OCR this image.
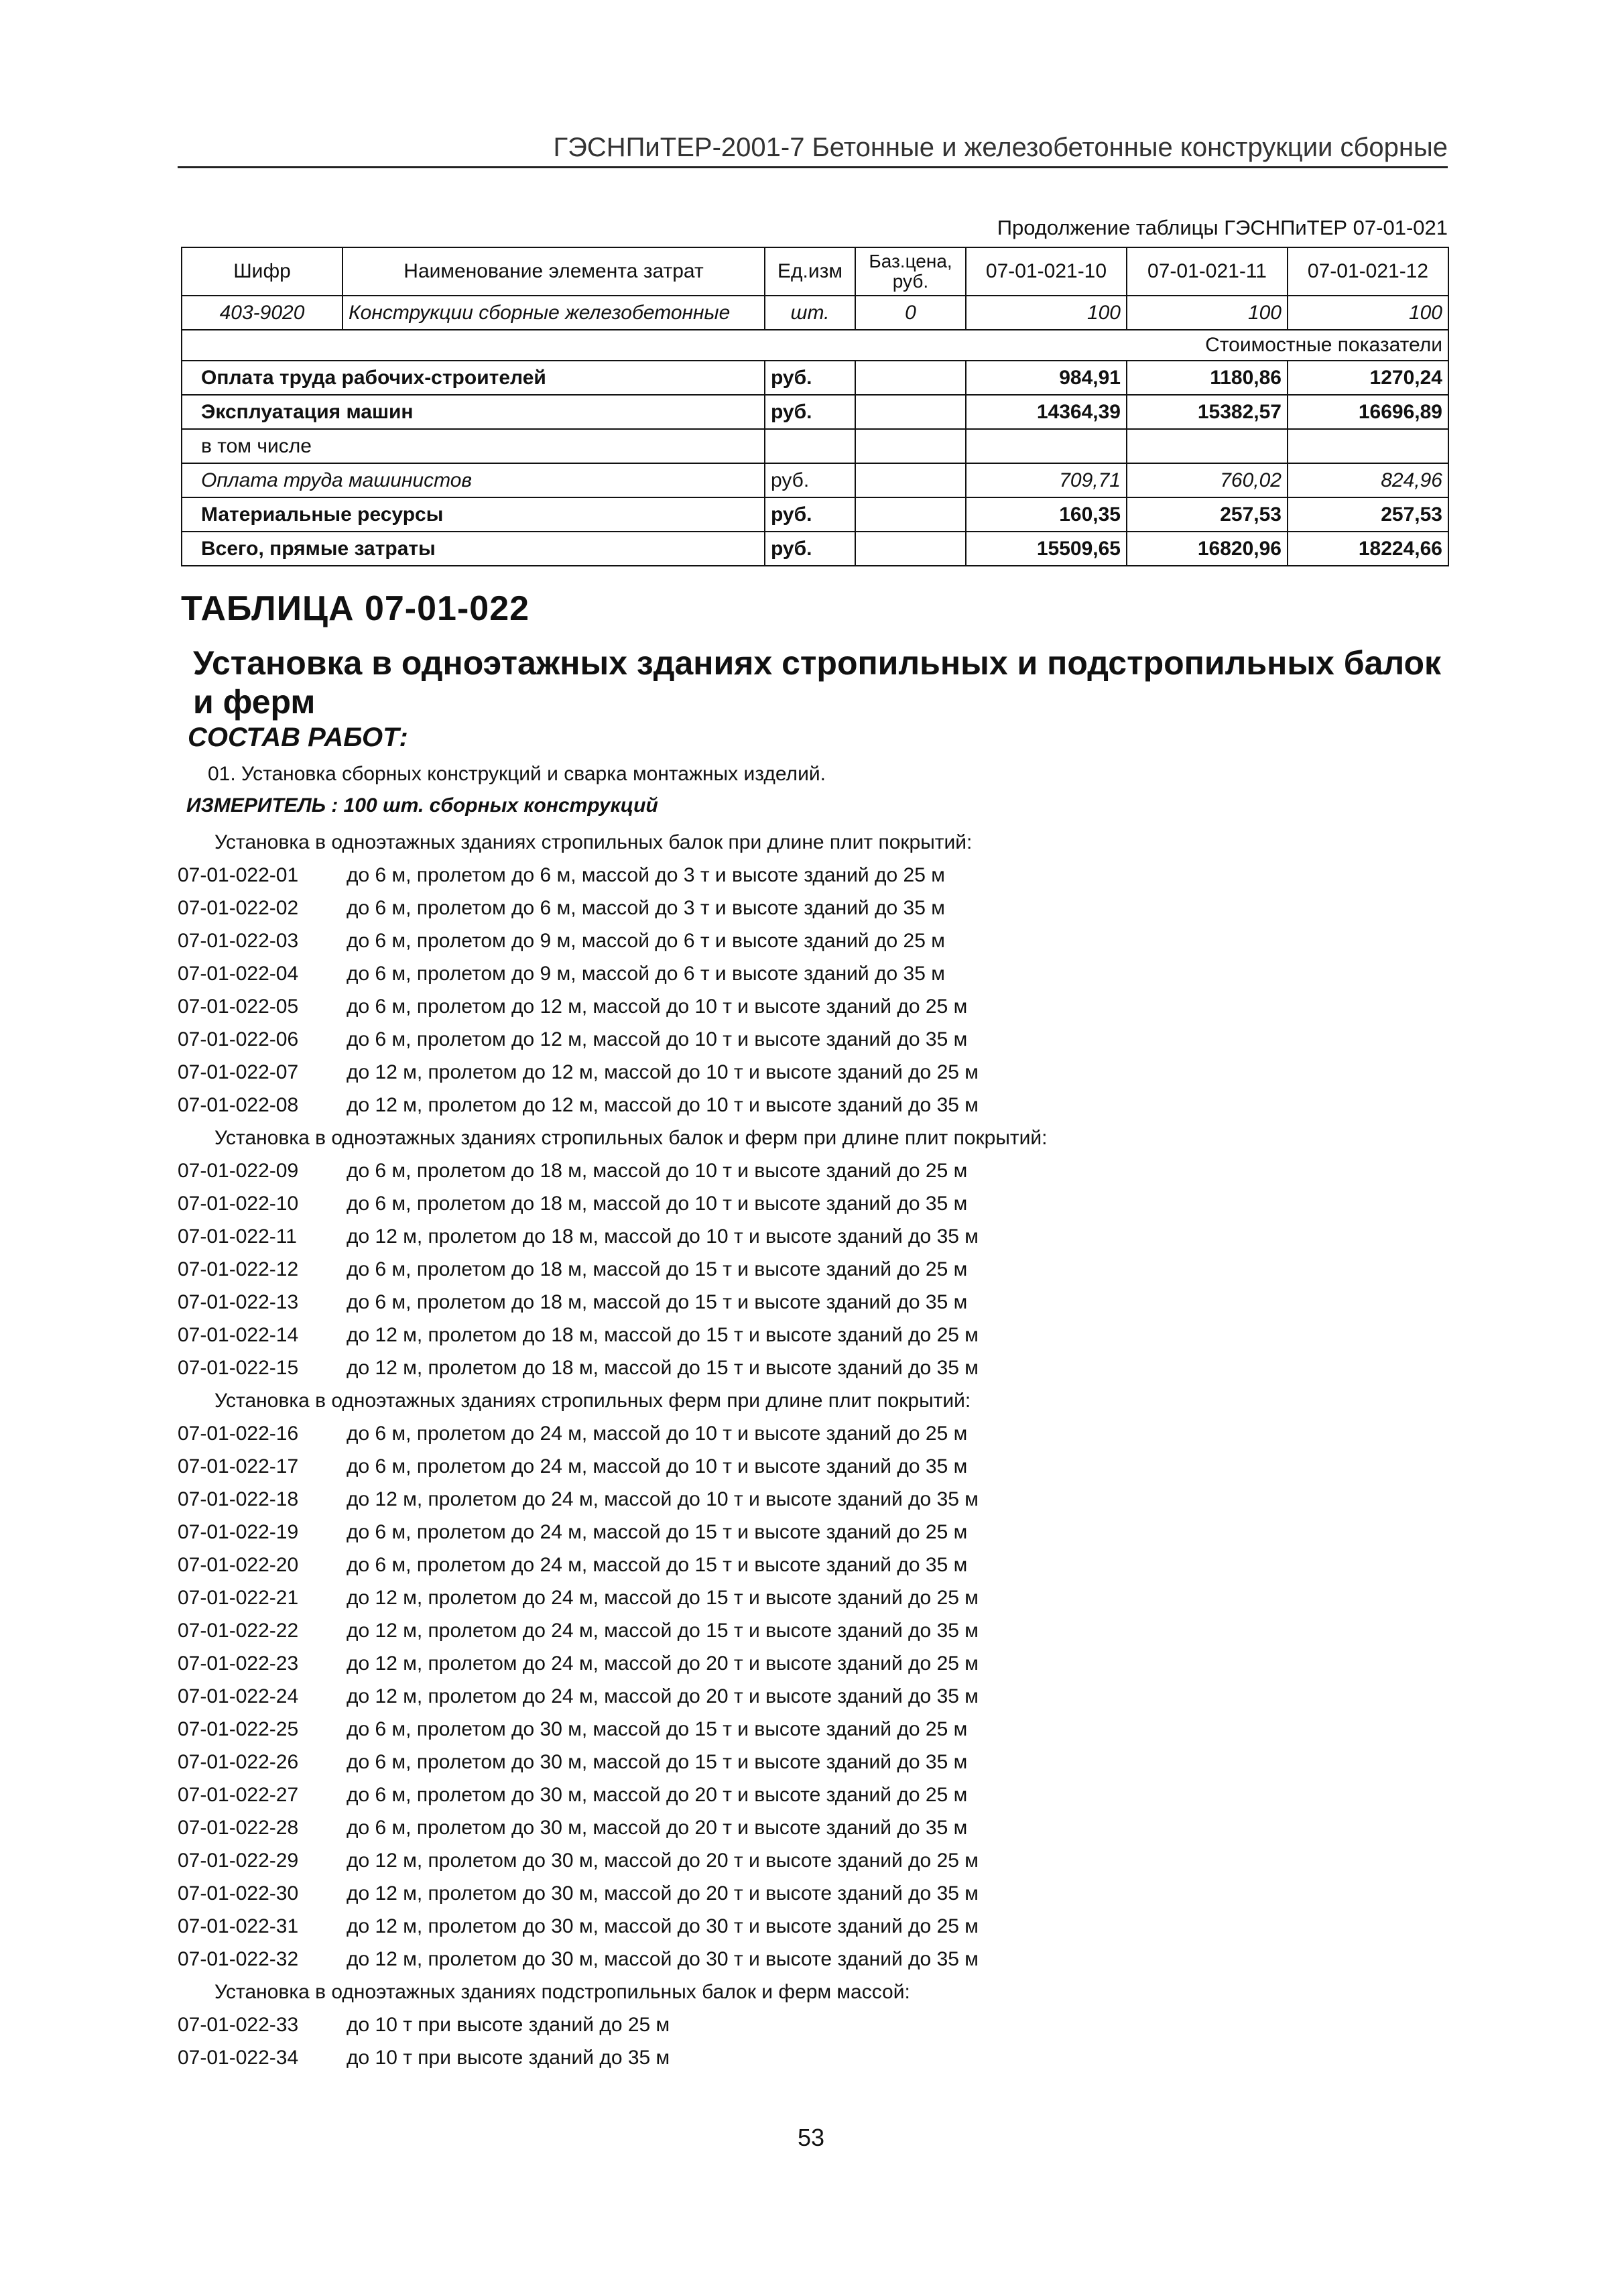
ГЭСНПиТЕР-2001-7 Бетонные и железобетонные конструкции сборные
Продолжение таблицы ГЭСНПиТЕР 07-01-021
Шифр	Наименование элемента затрат	Ед.изм	Баз.цена, руб.	07-01-021-10	07-01-021-11	07-01-021-12
403-9020	Конструкции сборные железобетонные	шт.	0	100	100	100
Стоимостные показатели						
Оплата труда рабочих-строителей		руб.		984,91	1180,86	1270,24
Эксплуатация машин		руб.		14364,39	15382,57	16696,89
в том числе						
Оплата труда машинистов		руб.		709,71	760,02	824,96
Материальные ресурсы		руб.		160,35	257,53	257,53
Всего, прямые затраты		руб.		15509,65	16820,96	18224,66
ТАБЛИЦА 07-01-022
Установка в одноэтажных зданиях стропильных и подстропильных балок и ферм
СОСТАВ РАБОТ:
01. Установка сборных конструкций и сварка монтажных изделий.
ИЗМЕРИТЕЛЬ : 100 шт. сборных конструкций
Установка в одноэтажных зданиях стропильных балок при длине плит покрытий:
07-01-022-01	до 6 м, пролетом до 6 м, массой до 3 т и высоте зданий до 25 м
07-01-022-02	до 6 м, пролетом до 6 м, массой до 3 т и высоте зданий до 35 м
07-01-022-03	до 6 м, пролетом до 9 м, массой до 6 т и высоте зданий до 25 м
07-01-022-04	до 6 м, пролетом до 9 м, массой до 6 т и высоте зданий до 35 м
07-01-022-05	до 6 м, пролетом до 12 м, массой до 10 т и высоте зданий до 25 м
07-01-022-06	до 6 м, пролетом до 12 м, массой до 10 т и высоте зданий до 35 м
07-01-022-07	до 12 м, пролетом до 12 м, массой до 10 т и высоте зданий до 25 м
07-01-022-08	до 12 м, пролетом до 12 м, массой до 10 т и высоте зданий до 35 м
Установка в одноэтажных зданиях стропильных балок и ферм при длине плит покрытий:
07-01-022-09	до 6 м, пролетом до 18 м, массой до 10 т и высоте зданий до 25 м
07-01-022-10	до 6 м, пролетом до 18 м, массой до 10 т и высоте зданий до 35 м
07-01-022-11	до 12 м, пролетом до 18 м, массой до 10 т и высоте зданий до 35 м
07-01-022-12	до 6 м, пролетом до 18 м, массой до 15 т и высоте зданий до 25 м
07-01-022-13	до 6 м, пролетом до 18 м, массой до 15 т и высоте зданий до 35 м
07-01-022-14	до 12 м, пролетом до 18 м, массой до 15 т и высоте зданий до 25 м
07-01-022-15	до 12 м, пролетом до 18 м, массой до 15 т и высоте зданий до 35 м
Установка в одноэтажных зданиях стропильных ферм при длине плит покрытий:
07-01-022-16	до 6 м, пролетом до 24 м, массой до 10 т и высоте зданий до 25 м
07-01-022-17	до 6 м, пролетом до 24 м, массой до 10 т и высоте зданий до 35 м
07-01-022-18	до 12 м, пролетом до 24 м, массой до 10 т и высоте зданий до 35 м
07-01-022-19	до 6 м, пролетом до 24 м, массой до 15 т и высоте зданий до 25 м
07-01-022-20	до 6 м, пролетом до 24 м, массой до 15 т и высоте зданий до 35 м
07-01-022-21	до 12 м, пролетом до 24 м, массой до 15 т и высоте зданий до 25 м
07-01-022-22	до 12 м, пролетом до 24 м, массой до 15 т и высоте зданий до 35 м
07-01-022-23	до 12 м, пролетом до 24 м, массой до 20 т и высоте зданий до 25 м
07-01-022-24	до 12 м, пролетом до 24 м, массой до 20 т и высоте зданий до 35 м
07-01-022-25	до 6 м, пролетом до 30 м, массой до 15 т и высоте зданий до 25 м
07-01-022-26	до 6 м, пролетом до 30 м, массой до 15 т и высоте зданий до 35 м
07-01-022-27	до 6 м, пролетом до 30 м, массой до 20 т и высоте зданий до 25 м
07-01-022-28	до 6 м, пролетом до 30 м, массой до 20 т и высоте зданий до 35 м
07-01-022-29	до 12 м, пролетом до 30 м, массой до 20 т и высоте зданий до 25 м
07-01-022-30	до 12 м, пролетом до 30 м, массой до 20 т и высоте зданий до 35 м
07-01-022-31	до 12 м, пролетом до 30 м, массой до 30 т и высоте зданий до 25 м
07-01-022-32	до 12 м, пролетом до 30 м, массой до 30 т и высоте зданий до 35 м
Установка в одноэтажных зданиях подстропильных балок и ферм массой:
07-01-022-33	до 10 т при высоте зданий до 25 м
07-01-022-34	до 10 т при высоте зданий до 35 м
53
